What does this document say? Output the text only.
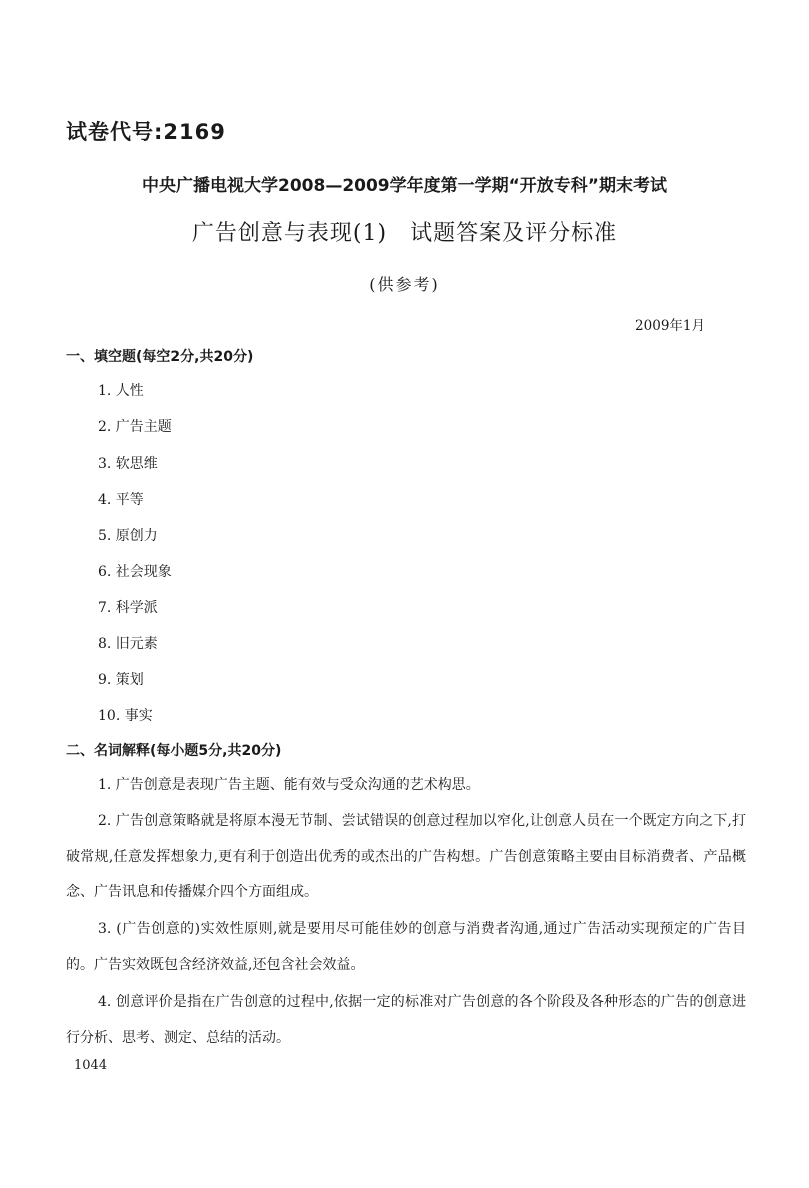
试卷代号:2169
中央广播电视大学2008—2009学年度第一学期“开放专科”期末考试
广告创意与表现(1)　试题答案及评分标准
(供参考)
2009年1月
一、填空题(每空2分,共20分)
1. 人性
2. 广告主题
3. 软思维
4. 平等
5. 原创力
6. 社会现象
7. 科学派
8. 旧元素
9. 策划
10. 事实
二、名词解释(每小题5分,共20分)

1. 广告创意是表现广告主题、能有效与受众沟通的艺术构思。

2. 广告创意策略就是将原本漫无节制、尝试错误的创意过程加以窄化,让创意人员在一个既定方向之下,打破常规,任意发挥想象力,更有利于创造出优秀的或杰出的广告构想。广告创意策略主要由目标消费者、产品概念、广告讯息和传播媒介四个方面组成。

3. (广告创意的)实效性原则,就是要用尽可能佳妙的创意与消费者沟通,通过广告活动实现预定的广告目的。广告实效既包含经济效益,还包含社会效益。

4. 创意评价是指在广告创意的过程中,依据一定的标准对广告创意的各个阶段及各种形态的广告的创意进行分析、思考、测定、总结的活动。

1044
